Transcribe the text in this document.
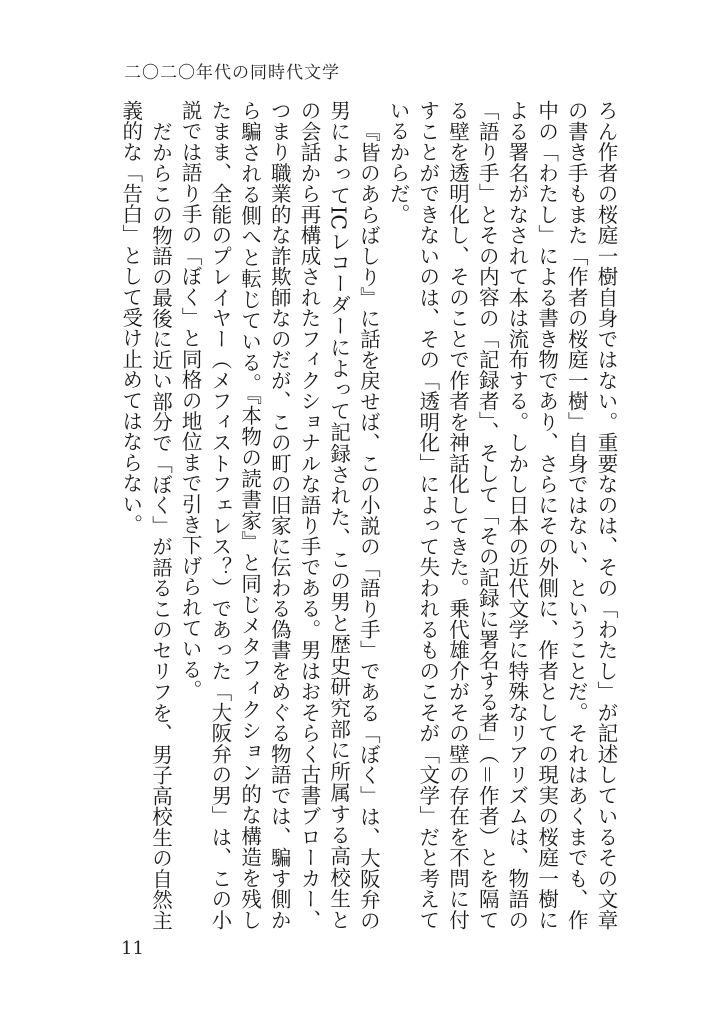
二〇二〇年代の同時代文学

ろん作者の桜庭一樹自身ではない。重要なのは、その「わたし」が記述しているその文章の書き手もまた「作者の桜庭一樹」自身ではない、ということだ。それはあくまでも、作中の「わたし」による書き物であり、さらにその外側に、作者としての現実の桜庭一樹による署名がなされて本は流布する。しかし日本の近代文学に特殊なリアリズムは、物語の「語り手」とその内容の「記録者」、そして「その記録に署名する者」（＝作者）とを隔てる壁を透明化し、そのことで作者を神話化してきた。乗代雄介がその壁の存在を不問に付すことができないのは、その「透明化」によって失われるものこそが「文学」だと考えているからだ。

『皆のあらばしり』に話を戻せば、この小説の「語り手」である「ぼく」は、大阪弁の男によってICレコーダーによって記録された、この男と歴史研究部に所属する高校生との会話から再構成されたフィクショナルな語り手である。男はおそらく古書ブローカー、つまり職業的な詐欺師なのだが、この町の旧家に伝わる偽書をめぐる物語では、騙す側から騙される側へと転じている。『本物の読書家』と同じメタフィクション的な構造を残したまま、全能のプレイヤー（メフィストフェレス？）であった「大阪弁の男」は、この小説では語り手の「ぼく」と同格の地位まで引き下げられている。

だからこの物語の最後に近い部分で「ぼく」が語るこのセリフを、男子高校生の自然主義的な「告白」として受け止めてはならない。

11
